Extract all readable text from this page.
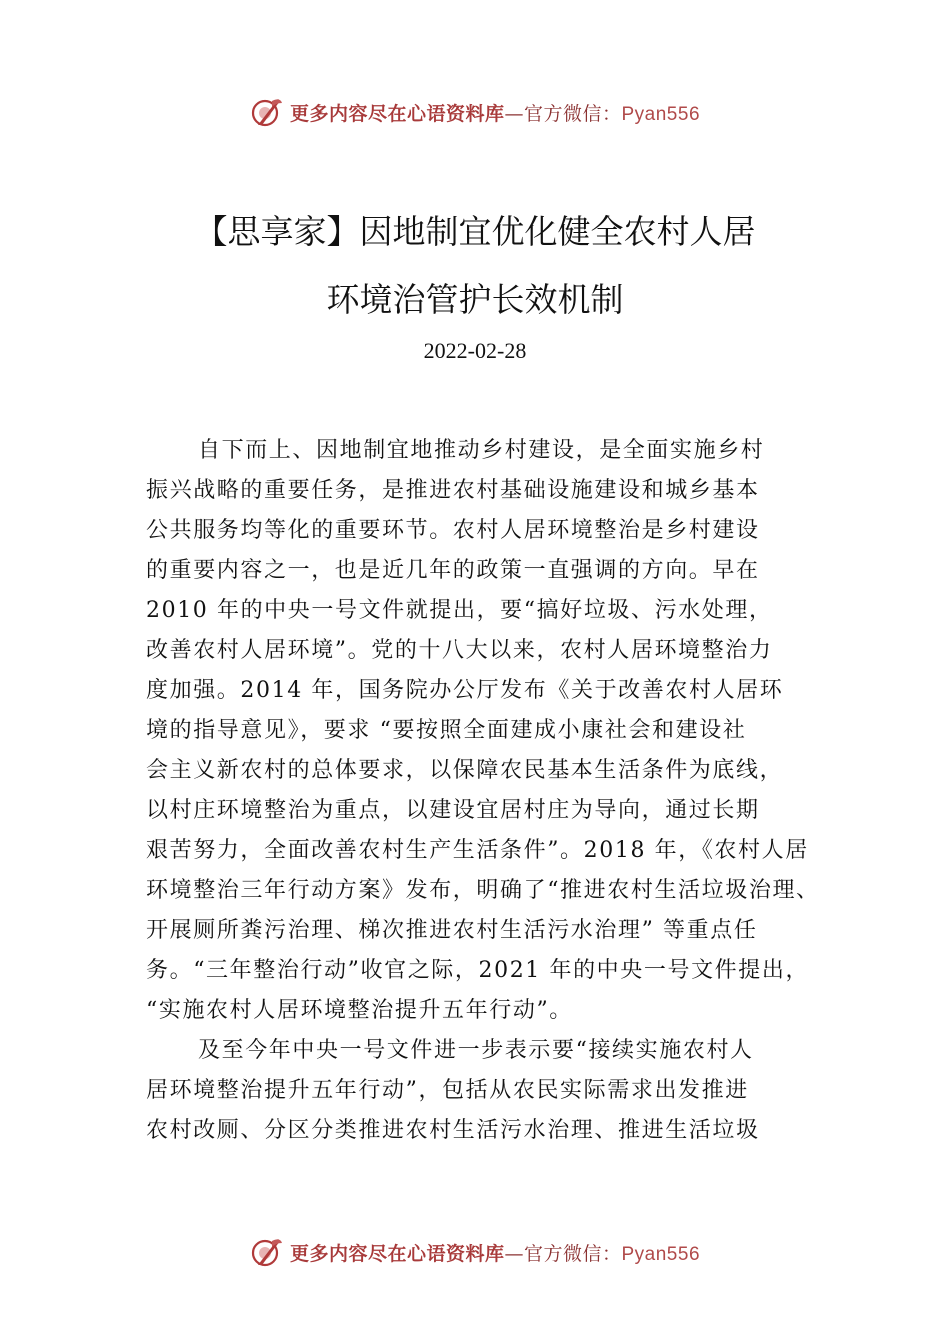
更多内容尽在心语资料库—官方微信：Pyan556
【思享家】因地制宜优化健全农村人居
环境治管护长效机制
2022-02-28
自下而上、因地制宜地推动乡村建设，是全面实施乡村
振兴战略的重要任务，是推进农村基础设施建设和城乡基本
公共服务均等化的重要环节。农村人居环境整治是乡村建设
的重要内容之一，也是近几年的政策一直强调的方向。早在
2010 年的中央一号文件就提出，要“搞好垃圾、污水处理，
改善农村人居环境”。党的十八大以来，农村人居环境整治力
度加强。2014 年，国务院办公厅发布《关于改善农村人居环
境的指导意见》，要求 “要按照全面建成小康社会和建设社
会主义新农村的总体要求，以保障农民基本生活条件为底线，
以村庄环境整治为重点，以建设宜居村庄为导向，通过长期
艰苦努力，全面改善农村生产生活条件”。2018 年，《农村人居
环境整治三年行动方案》发布，明确了“推进农村生活垃圾治理、
开展厕所粪污治理、梯次推进农村生活污水治理” 等重点任
务。“三年整治行动”收官之际，2021 年的中央一号文件提出，
“实施农村人居环境整治提升五年行动”。
及至今年中央一号文件进一步表示要“接续实施农村人
居环境整治提升五年行动”，包括从农民实际需求出发推进
农村改厕、分区分类推进农村生活污水治理、推进生活垃圾
更多内容尽在心语资料库—官方微信：Pyan556
